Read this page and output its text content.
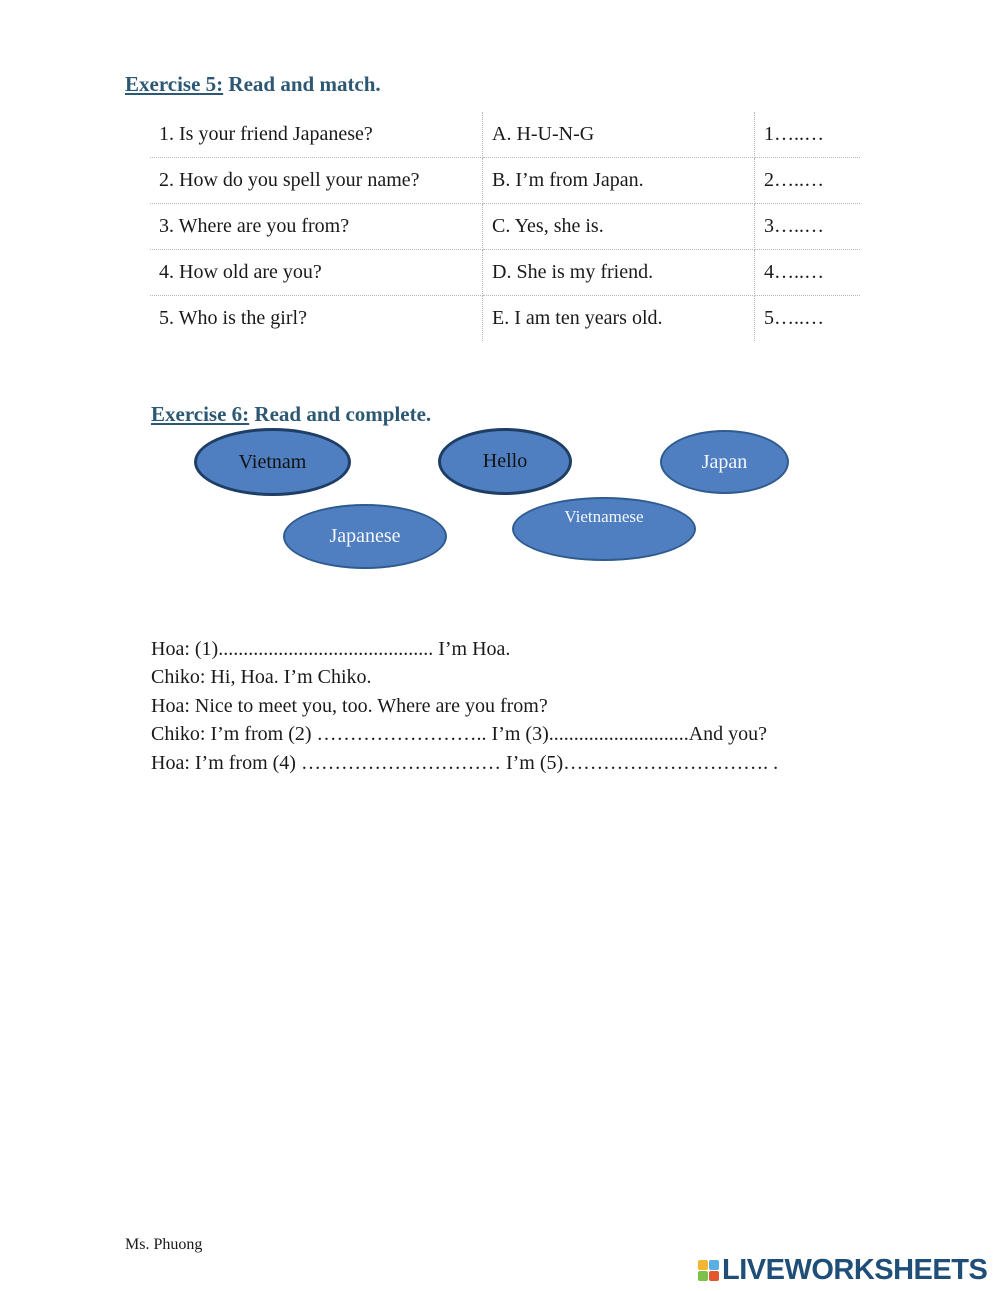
Exercise 5: Read and match.
1. Is your friend Japanese?	A. H-U-N-G	1…..…
2. How do you spell your name?	B. I’m from Japan.	2…..…
3. Where are you from?	C. Yes, she is.	3…..…
4. How old are you?	D. She is my friend.	4…..…
5. Who is the girl?	E. I am ten years old.	5…..…
Exercise 6: Read and complete.
Vietnam	Hello	Japan
Japanese
Vietnamese
Hoa: (1)........................................... I’m Hoa.
Chiko: Hi, Hoa. I’m Chiko.
Hoa: Nice to meet you, too. Where are you from?
Chiko: I’m from (2) …………………….. I’m (3)............................And you?
Hoa: I’m from (4) ………………………… I’m (5)…………………………. .
Ms. Phuong
LIVEWORKSHEETS
